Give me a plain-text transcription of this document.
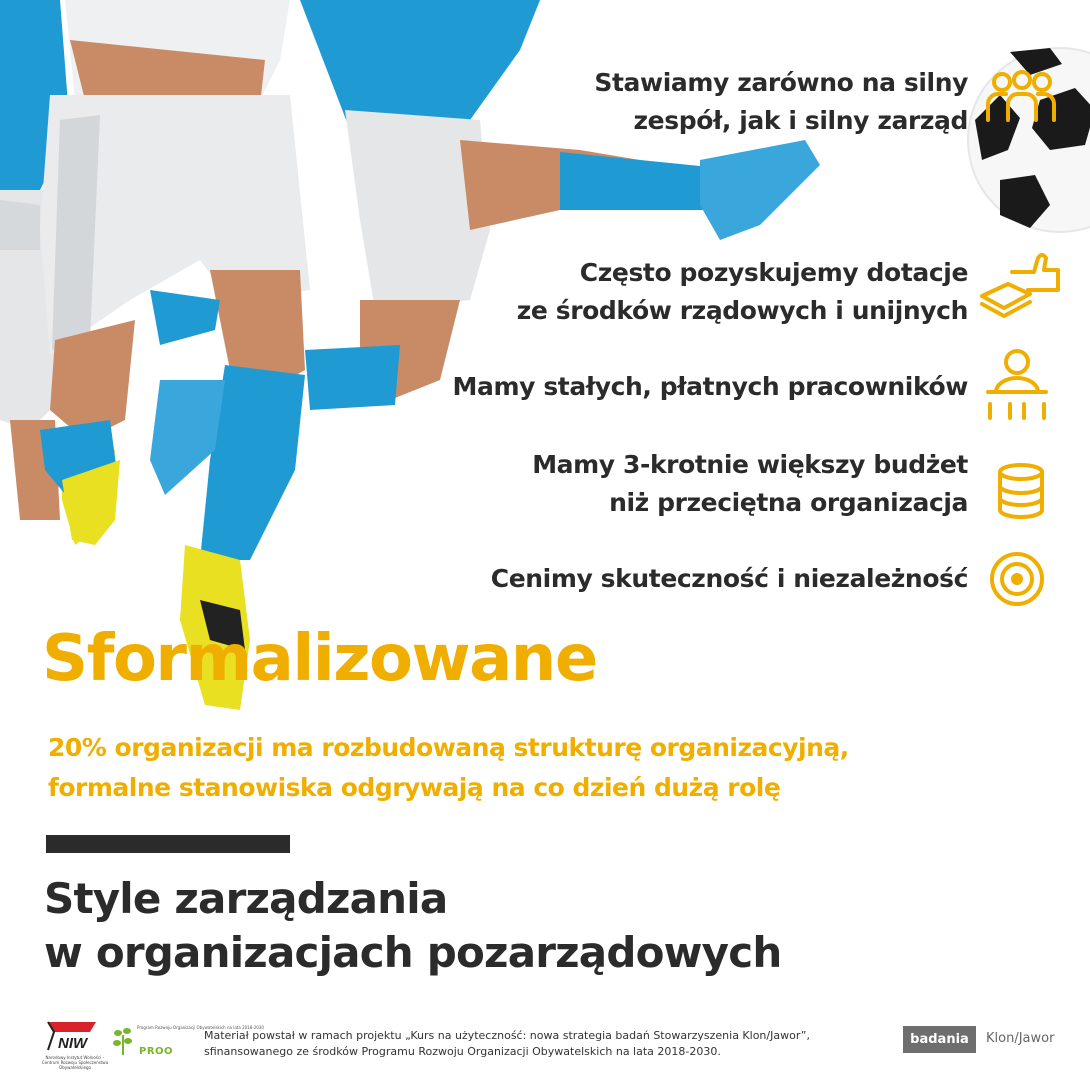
Stawiamy zarówno na silny
zespół, jak i silny zarząd
Często pozyskujemy dotacje
ze środków rządowych i unijnych
Mamy stałych, płatnych pracowników
Mamy 3-krotnie większy budżet
niż przeciętna organizacja
Cenimy skuteczność i niezależność
Sformalizowane
20% organizacji ma rozbudowaną strukturę organizacyjną,
formalne stanowiska odgrywają na co dzień dużą rolę
Style zarządzania
w organizacjach pozarządowych
NIW
Narodowy Instytut Wolności – Centrum Rozwoju Społeczeństwa Obywatelskiego
Program Rozwoju Organizacji Obywatelskich na lata 2018-2030
PROO
Materiał powstał w ramach projektu „Kurs na użyteczność: nowa strategia badań Stowarzyszenia Klon/Jawor”,
sfinansowanego ze środków Programu Rozwoju Organizacji Obywatelskich na lata 2018-2030.
badania	Klon/Jawor
